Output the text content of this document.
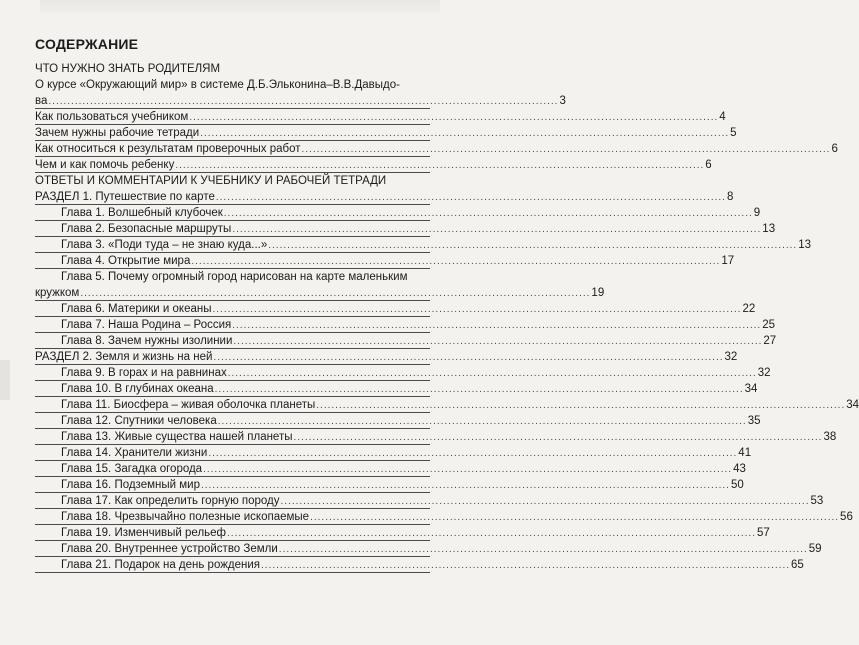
СОДЕРЖАНИЕ
ЧТО НУЖНО ЗНАТЬ РОДИТЕЛЯМ
О курсе «Окружающий мир» в системе Д.Б.Эльконина–В.В.Давыдо-
ва ....................................................................................................................................... 3
Как пользоваться учебником ............................................................................................................................................ 4
Зачем нужны рабочие тетради ............................................................................................................................................ 5
Как относиться к результатам проверочных работ ............................................................................................................................................ 6
Чем и как помочь ребенку ............................................................................................................................................ 6
ОТВЕТЫ И КОММЕНТАРИИ К УЧЕБНИКУ И РАБОЧЕЙ ТЕТРАДИ
РАЗДЕЛ 1. Путешествие по карте ....................................................................................................................................... 8
Глава 1. Волшебный клубочек ............................................................................................................................................ 9
Глава 2. Безопасные маршруты ............................................................................................................................................ 13
Глава 3. «Поди туда – не знаю куда...» ............................................................................................................................................ 13
Глава 4. Открытие мира ............................................................................................................................................ 17
Глава 5. Почему огромный город нарисован на карте маленьким
кружком ....................................................................................................................................... 19
Глава 6. Материки и океаны ............................................................................................................................................ 22
Глава 7. Наша Родина – Россия ............................................................................................................................................ 25
Глава 8. Зачем нужны изолинии ............................................................................................................................................ 27
РАЗДЕЛ 2. Земля и жизнь на ней ....................................................................................................................................... 32
Глава 9. В горах и на равнинах ............................................................................................................................................ 32
Глава 10. В глубинах океана ............................................................................................................................................ 34
Глава 11. Биосфера – живая оболочка планеты ............................................................................................................................................ 34
Глава 12. Спутники человека ............................................................................................................................................ 35
Глава 13. Живые существа нашей планеты ............................................................................................................................................ 38
Глава 14. Хранители жизни ............................................................................................................................................ 41
Глава 15. Загадка огорода ............................................................................................................................................ 43
Глава 16. Подземный мир ............................................................................................................................................ 50
Глава 17. Как определить горную породу ............................................................................................................................................ 53
Глава 18. Чрезвычайно полезные ископаемые ............................................................................................................................................ 56
Глава 19. Изменчивый рельеф ............................................................................................................................................ 57
Глава 20. Внутреннее устройство Земли ............................................................................................................................................ 59
Глава 21. Подарок на день рождения ............................................................................................................................................ 65
